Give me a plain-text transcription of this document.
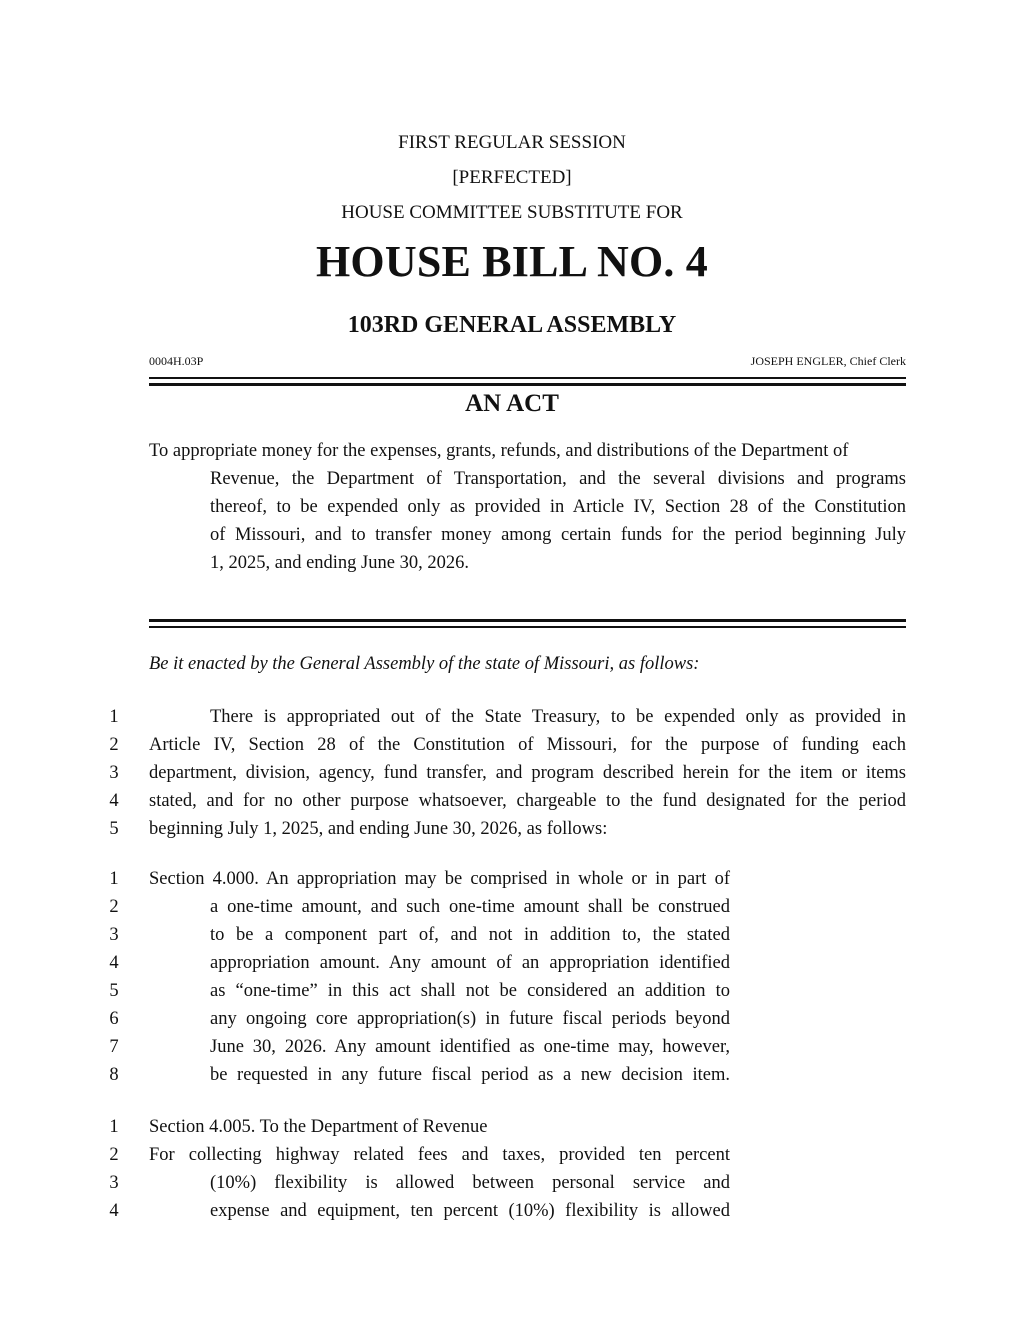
FIRST REGULAR SESSION
[PERFECTED]
HOUSE COMMITTEE SUBSTITUTE FOR
HOUSE BILL NO. 4
103RD GENERAL ASSEMBLY
0004H.03P	JOSEPH ENGLER, Chief Clerk
AN ACT
To appropriate money for the expenses, grants, refunds, and distributions of the Department of
Revenue, the Department of Transportation, and the several divisions and programs
thereof, to be expended only as provided in Article IV, Section 28 of the Constitution
of Missouri, and to transfer money among certain funds for the period beginning July
1, 2025, and ending June 30, 2026.
Be it enacted by the General Assembly of the state of Missouri, as follows:
1
2
3
4
5
There is appropriated out of the State Treasury, to be expended only as provided in
Article IV, Section 28 of the Constitution of Missouri, for the purpose of funding each
department, division, agency, fund transfer, and program described herein for the item or items
stated, and for no other purpose whatsoever, chargeable to the fund designated for the period
beginning July 1, 2025, and ending June 30, 2026, as follows:
1
2
3
4
5
6
7
8
Section 4.000. An appropriation may be comprised in whole or in part of
a one-time amount, and such one-time amount shall be construed
to be a component part of, and not in addition to, the stated
appropriation amount. Any amount of an appropriation identified
as “one-time” in this act shall not be considered an addition to
any ongoing core appropriation(s) in future fiscal periods beyond
June 30, 2026. Any amount identified as one-time may, however,
be requested in any future fiscal period as a new decision item.
1
2
3
4
Section 4.005. To the Department of Revenue
For collecting highway related fees and taxes, provided ten percent
(10%) flexibility is allowed between personal service and
expense and equipment, ten percent (10%) flexibility is allowed
